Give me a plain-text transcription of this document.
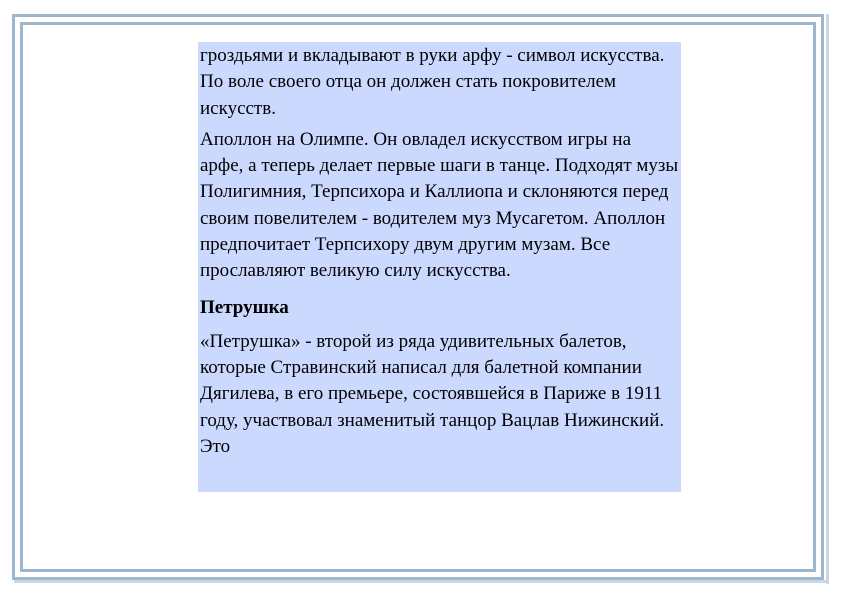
гроздьями и вкладывают в руки арфу - символ искусства. По воле своего отца он должен стать покровителем искусств.

Аполлон на Олимпе. Он овладел искусством игры на арфе, а теперь делает первые шаги в танце. Подходят музы Полигимния, Терпсихора и Каллиопа и склоняются перед своим повелителем - водителем муз Мусагетом. Аполлон предпочитает Терпсихору двум другим музам. Все прославляют великую силу искусства.

Петрушка

«Петрушка» - второй из ряда удивительных балетов, которые Стравинский написал для балетной компании Дягилева, в его премьере, состоявшейся в Париже в 1911 году, участвовал знаменитый танцор Вацлав Нижинский. Это
